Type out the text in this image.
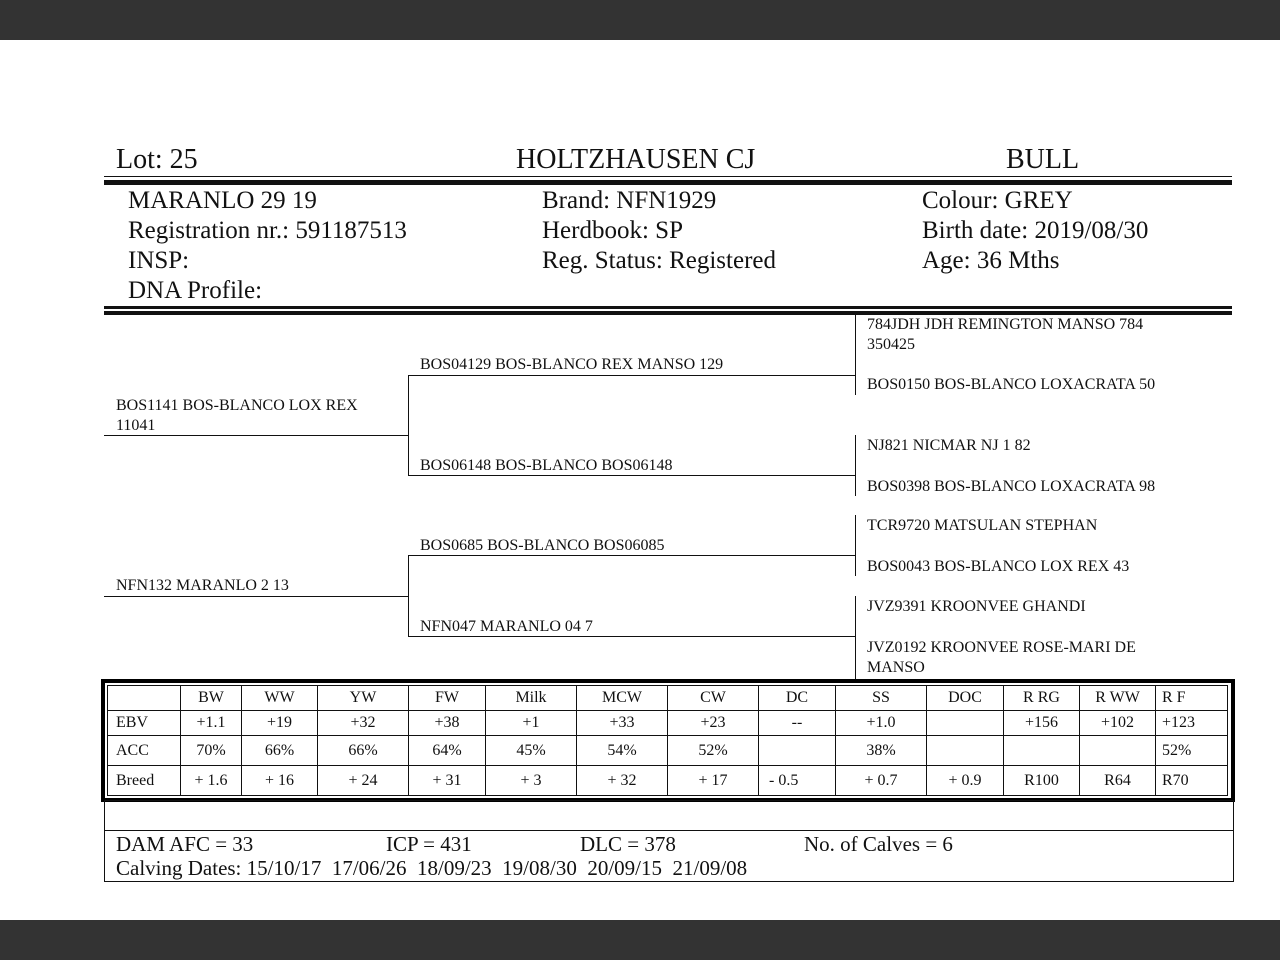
Lot: 25	HOLTZHAUSEN CJ	BULL
MARANLO 29 19
Registration nr.: 591187513
INSP:
DNA Profile:
Brand: NFN1929
Herdbook: SP
Reg. Status: Registered
Colour: GREY
Birth date: 2019/08/30
Age: 36 Mths
BOS1141 BOS-BLANCO LOX REX
11041
NFN132 MARANLO 2 13
BOS04129 BOS-BLANCO REX MANSO 129
BOS06148 BOS-BLANCO BOS06148
BOS0685 BOS-BLANCO BOS06085
NFN047 MARANLO 04 7
784JDH JDH REMINGTON MANSO 784
350425
BOS0150 BOS-BLANCO LOXACRATA 50
NJ821 NICMAR NJ 1 82
BOS0398 BOS-BLANCO LOXACRATA 98
TCR9720 MATSULAN STEPHAN
BOS0043 BOS-BLANCO LOX REX 43
JVZ9391 KROONVEE GHANDI
JVZ0192 KROONVEE ROSE-MARI DE
MANSO
	BW	WW	YW	FW	Milk	MCW	CW	DC	SS	DOC	R RG	R WW	R F
EBV	+1.1	+19	+32	+38	+1	+33	+23	--	+1.0		+156	+102	+123
ACC	70%	66%	66%	64%	45%	54%	52%		38%				52%
Breed	+ 1.6	+ 16	+ 24	+ 31	+ 3	+ 32	+ 17	- 0.5	+ 0.7	+ 0.9	R100	R64	R70
DAM AFC = 33	ICP = 431	DLC = 378	No. of Calves = 6
Calving Dates: 15/10/17  17/06/26  18/09/23  19/08/30  20/09/15  21/09/08
